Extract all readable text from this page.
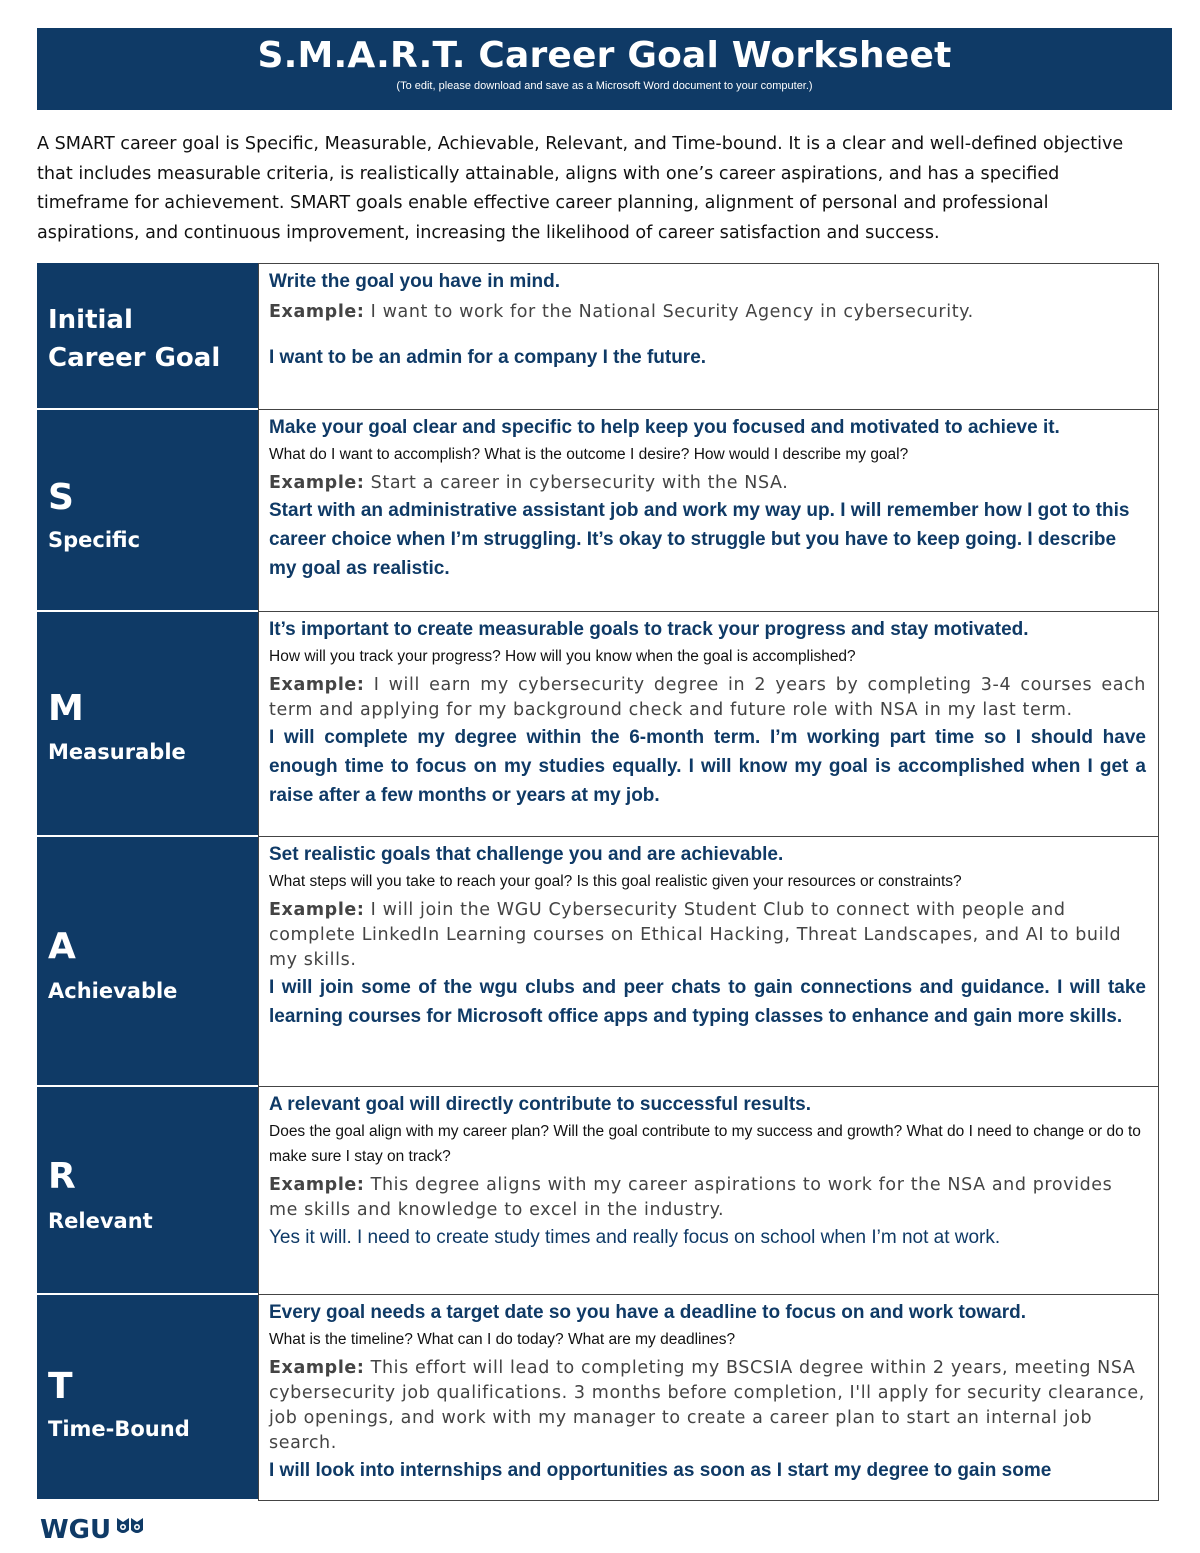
S.M.A.R.T. Career Goal Worksheet
(To edit, please download and save as a Microsoft Word document to your computer.)
A SMART career goal is Specific, Measurable, Achievable, Relevant, and Time-bound. It is a clear and well-defined objective that includes measurable criteria, is realistically attainable, aligns with one’s career aspirations, and has a specified timeframe for achievement. SMART goals enable effective career planning, alignment of personal and professional aspirations, and continuous improvement, increasing the likelihood of career satisfaction and success.
Initial Career Goal
Write the goal you have in mind.
Example: I want to work for the National Security Agency in cybersecurity.
I want to be an admin for a company I the future.
S
Specific
Make your goal clear and specific to help keep you focused and motivated to achieve it.
What do I want to accomplish? What is the outcome I desire? How would I describe my goal?
Example: Start a career in cybersecurity with the NSA.
Start with an administrative assistant job and work my way up. I will remember how I got to this career choice when I’m struggling. It’s okay to struggle but you have to keep going. I describe my goal as realistic.
M
Measurable
It’s important to create measurable goals to track your progress and stay motivated.
How will you track your progress? How will you know when the goal is accomplished?
Example: I will earn my cybersecurity degree in 2 years by completing 3-4 courses each term and applying for my background check and future role with NSA in my last term.
I will complete my degree within the 6-month term. I’m working part time so I should have enough time to focus on my studies equally. I will know my goal is accomplished when I get a raise after a few months or years at my job.
A
Achievable
Set realistic goals that challenge you and are achievable.
What steps will you take to reach your goal? Is this goal realistic given your resources or constraints?
Example: I will join the WGU Cybersecurity Student Club to connect with people and complete LinkedIn Learning courses on Ethical Hacking, Threat Landscapes, and AI to build my skills.
I will join some of the wgu clubs and peer chats to gain connections and guidance. I will take learning courses for Microsoft office apps and typing classes to enhance and gain more skills.
R
Relevant
A relevant goal will directly contribute to successful results.
Does the goal align with my career plan? Will the goal contribute to my success and growth? What do I need to change or do to make sure I stay on track?
Example: This degree aligns with my career aspirations to work for the NSA and provides me skills and knowledge to excel in the industry.
Yes it will. I need to create study times and really focus on school when I’m not at work.
T
Time-Bound
Every goal needs a target date so you have a deadline to focus on and work toward.
What is the timeline? What can I do today? What are my deadlines?
Example: This effort will lead to completing my BSCSIA degree within 2 years, meeting NSA cybersecurity job qualifications. 3 months before completion, I'll apply for security clearance, job openings, and work with my manager to create a career plan to start an internal job search.
I will look into internships and opportunities as soon as I start my degree to gain some
WGU
